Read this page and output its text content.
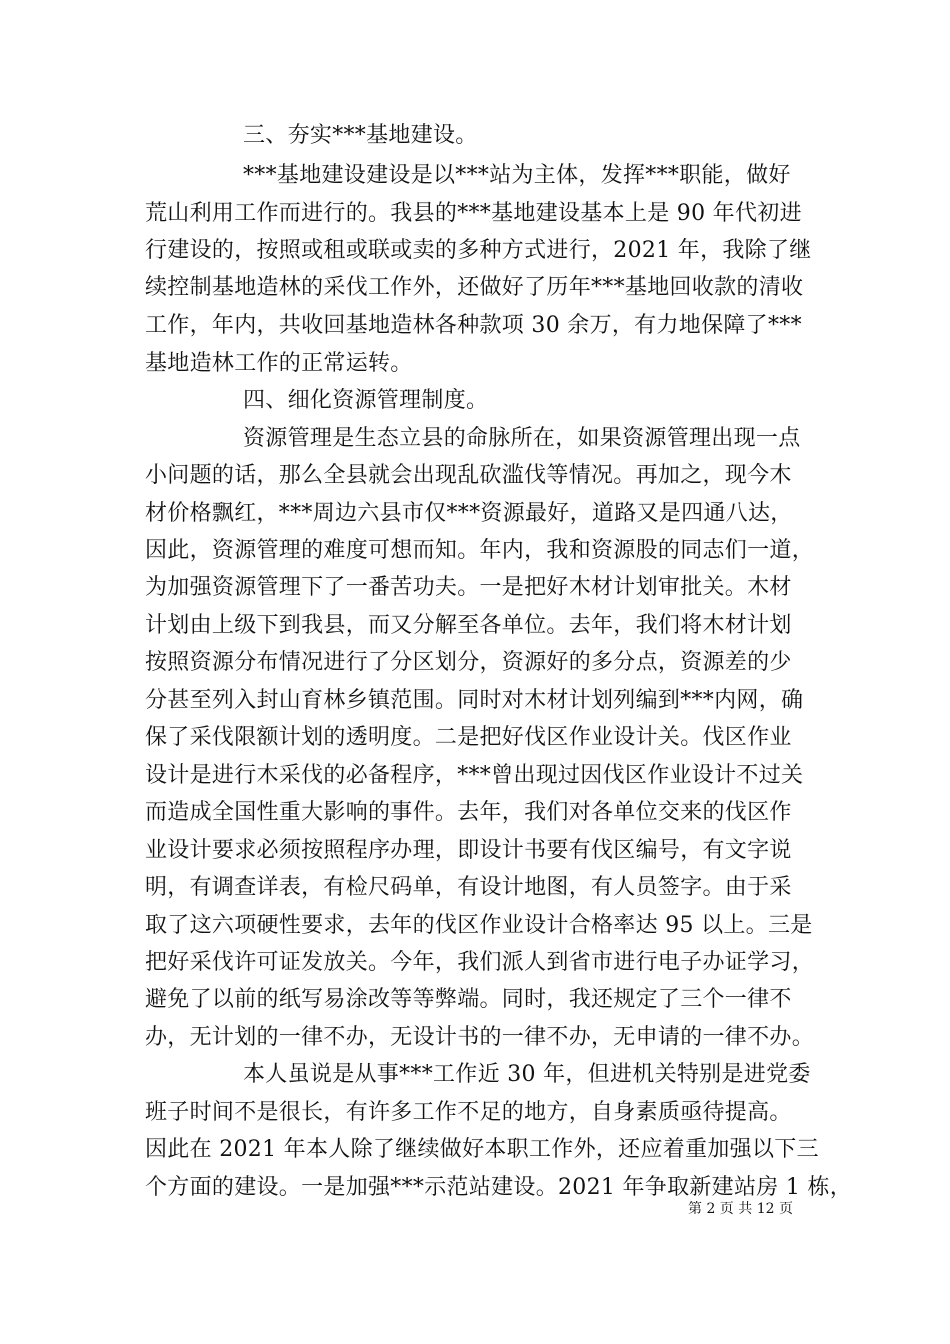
三、夯实***基地建设。
***基地建设建设是以***站为主体，发挥***职能，做好
荒山利用工作而进行的。我县的***基地建设基本上是 90 年代初进
行建设的，按照或租或联或卖的多种方式进行，2021 年，我除了继
续控制基地造林的采伐工作外，还做好了历年***基地回收款的清收
工作，年内，共收回基地造林各种款项 30 余万，有力地保障了***
基地造林工作的正常运转。
四、细化资源管理制度。
资源管理是生态立县的命脉所在，如果资源管理出现一点
小问题的话，那么全县就会出现乱砍滥伐等情况。再加之，现今木
材价格飘红，***周边六县市仅***资源最好，道路又是四通八达，
因此，资源管理的难度可想而知。年内，我和资源股的同志们一道，
为加强资源管理下了一番苦功夫。一是把好木材计划审批关。木材
计划由上级下到我县，而又分解至各单位。去年，我们将木材计划
按照资源分布情况进行了分区划分，资源好的多分点，资源差的少
分甚至列入封山育林乡镇范围。同时对木材计划列编到***内网，确
保了采伐限额计划的透明度。二是把好伐区作业设计关。伐区作业
设计是进行木采伐的必备程序，***曾出现过因伐区作业设计不过关
而造成全国性重大影响的事件。去年，我们对各单位交来的伐区作
业设计要求必须按照程序办理，即设计书要有伐区编号，有文字说
明，有调查详表，有检尺码单，有设计地图，有人员签字。由于采
取了这六项硬性要求，去年的伐区作业设计合格率达 95 以上。三是
把好采伐许可证发放关。今年，我们派人到省市进行电子办证学习，
避免了以前的纸写易涂改等等弊端。同时，我还规定了三个一律不
办，无计划的一律不办，无设计书的一律不办，无申请的一律不办。
本人虽说是从事***工作近 30 年，但进机关特别是进党委
班子时间不是很长，有许多工作不足的地方，自身素质亟待提高。
因此在 2021 年本人除了继续做好本职工作外，还应着重加强以下三
个方面的建设。一是加强***示范站建设。2021 年争取新建站房 1 栋，
第 2 页 共 12 页
